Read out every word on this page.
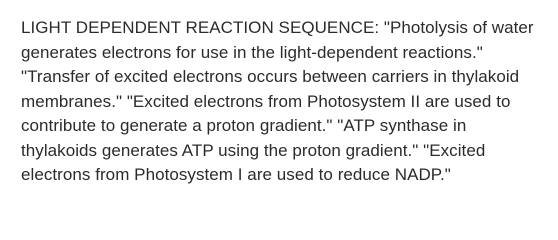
LIGHT DEPENDENT REACTION SEQUENCE: "Photolysis of water generates electrons for use in the light-dependent reactions." "Transfer of excited electrons occurs between carriers in thylakoid membranes." "Excited electrons from Photosystem II are used to contribute to generate a proton gradient." "ATP synthase in thylakoids generates ATP using the proton gradient." "Excited electrons from Photosystem I are used to reduce NADP."
